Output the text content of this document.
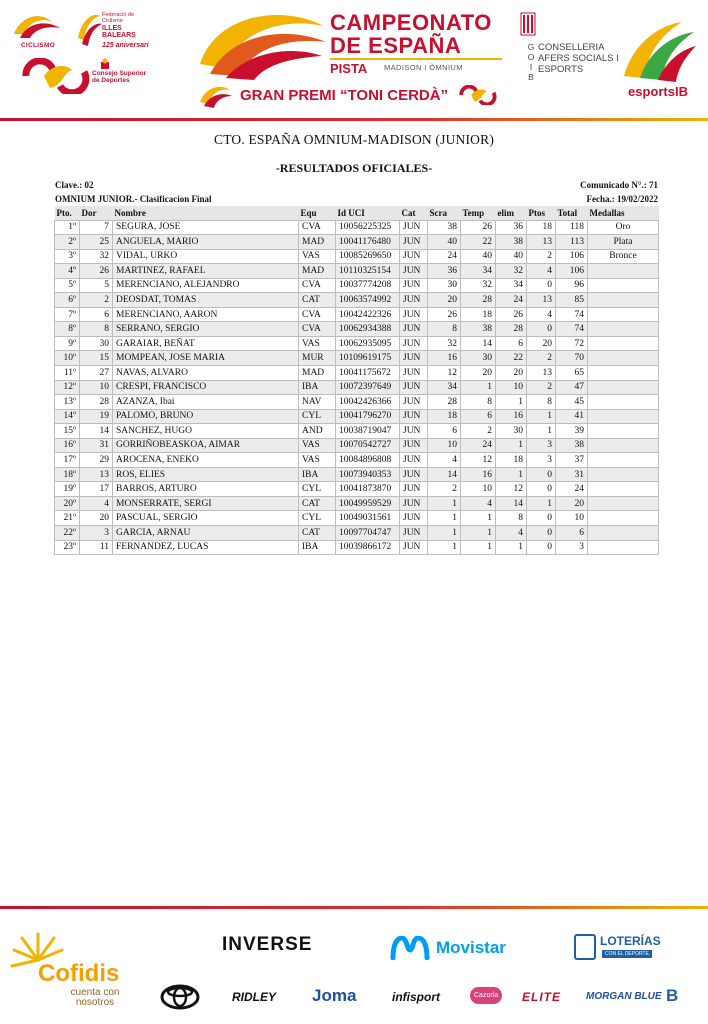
CICLISMO
Federació de Ciclisme
ILLES BALEARS
125 aniversari
Consejo Superior de Deportes
CAMPEONATO
DE ESPAÑA
PISTA MADISON I ÒMNIUM
GRAN PREMI “TONI CERDÀ”
G O I B
CONSELLERIA AFERS SOCIALS I ESPORTS
esportsIB
CTO. ESPAÑA OMNIUM-MADISON (JUNIOR)
-RESULTADOS OFICIALES-
Clave.: 02	Comunicado N°.: 71
OMNIUM JUNIOR.- Clasificacion Final	Fecha.: 19/02/2022
Pto.	Dor	Nombre	Equ	Id UCI	Cat	Scra	Temp	elim	Ptos	Total	Medallas
1º	7	SEGURA, JOSE	CVA	10056225325	JUN	38	26	36	18	118	Oro
2º	25	ANGUELA, MARIO	MAD	10041176480	JUN	40	22	38	13	113	Plata
3º	32	VIDAL, URKO	VAS	10085269650	JUN	24	40	40	2	106	Bronce
4º	26	MARTINEZ, RAFAEL	MAD	10110325154	JUN	36	34	32	4	106	
5º	5	MERENCIANO, ALEJANDRO	CVA	10037774208	JUN	30	32	34	0	96	
6º	2	DEOSDAT, TOMAS	CAT	10063574992	JUN	20	28	24	13	85	
7º	6	MERENCIANO, AARON	CVA	10042422326	JUN	26	18	26	4	74	
8º	8	SERRANO, SERGIO	CVA	10062934388	JUN	8	38	28	0	74	
9º	30	GARAIAR, BEÑAT	VAS	10062935095	JUN	32	14	6	20	72	
10º	15	MOMPEAN, JOSE MARIA	MUR	10109619175	JUN	16	30	22	2	70	
11º	27	NAVAS, ALVARO	MAD	10041175672	JUN	12	20	20	13	65	
12º	10	CRESPI, FRANCISCO	IBA	10072397649	JUN	34	1	10	2	47	
13º	28	AZANZA, Ibai	NAV	10042426366	JUN	28	8	1	8	45	
14º	19	PALOMO, BRUNO	CYL	10041796270	JUN	18	6	16	1	41	
15º	14	SANCHEZ, HUGO	AND	10038719047	JUN	6	2	30	1	39	
16º	31	GORRIÑOBEASKOA, AIMAR	VAS	10070542727	JUN	10	24	1	3	38	
17º	29	AROCENA, ENEKO	VAS	10084896808	JUN	4	12	18	3	37	
18º	13	ROS, ELIES	IBA	10073940353	JUN	14	16	1	0	31	
19º	17	BARROS, ARTURO	CYL	10041873870	JUN	2	10	12	0	24	
20º	4	MONSERRATE, SERGI	CAT	10049959529	JUN	1	4	14	1	20	
21º	20	PASCUAL, SERGIO	CYL	10049031561	JUN	1	1	8	0	10	
22º	3	GARCIA, ARNAU	CAT	10097704747	JUN	1	1	4	0	6	
23º	11	FERNANDEZ, LUCAS	IBA	10039866172	JUN	1	1	1	0	3	
Cofidis
cuenta con nosotros
INVERSE	Movistar	LOTERÍAS
CON EL DEPORTE
RIDLEY Joma	infisport	Cazorla	ELITE MORGAN BLUE B
